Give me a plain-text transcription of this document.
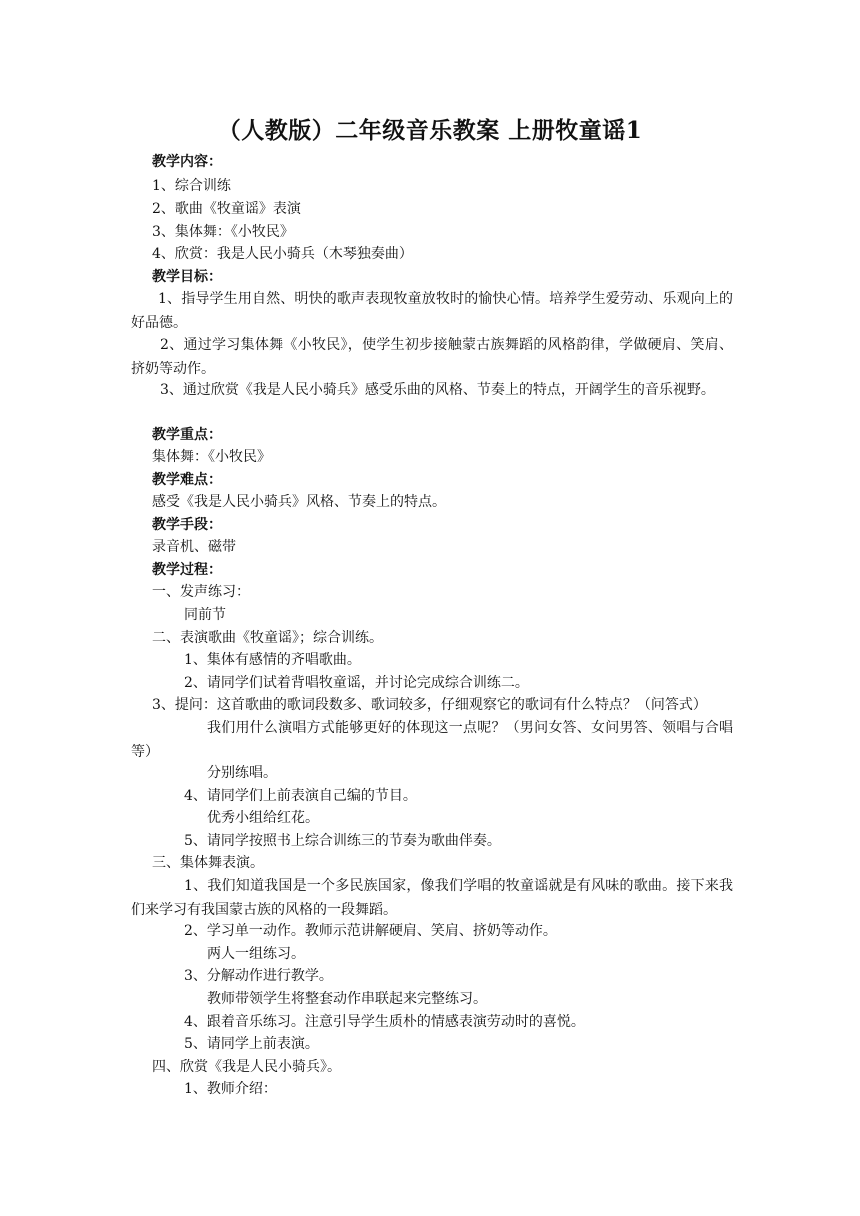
（人教版）二年级音乐教案 上册牧童谣1
教学内容：
1、综合训练
2、歌曲《牧童谣》表演
3、集体舞：《小牧民》
4、欣赏：我是人民小骑兵（木琴独奏曲）
教学目标：
1、指导学生用自然、明快的歌声表现牧童放牧时的愉快心情。培养学生爱劳动、乐观向上的好品德。
2、通过学习集体舞《小牧民》，使学生初步接触蒙古族舞蹈的风格韵律，学做硬肩、笑肩、挤奶等动作。
3、通过欣赏《我是人民小骑兵》感受乐曲的风格、节奏上的特点，开阔学生的音乐视野。
教学重点：
集体舞：《小牧民》
教学难点：
感受《我是人民小骑兵》风格、节奏上的特点。
教学手段：
录音机、磁带
教学过程：
一、发声练习：
同前节
二、表演歌曲《牧童谣》；综合训练。
1、集体有感情的齐唱歌曲。
2、请同学们试着背唱牧童谣，并讨论完成综合训练二。
3、提问：这首歌曲的歌词段数多、歌词较多，仔细观察它的歌词有什么特点？（问答式）
我们用什么演唱方式能够更好的体现这一点呢？（男问女答、女问男答、领唱与合唱等）
分别练唱。
4、请同学们上前表演自己编的节目。
优秀小组给红花。
5、请同学按照书上综合训练三的节奏为歌曲伴奏。
三、集体舞表演。
1、我们知道我国是一个多民族国家，像我们学唱的牧童谣就是有风味的歌曲。接下来我们来学习有我国蒙古族的风格的一段舞蹈。
2、学习单一动作。教师示范讲解硬肩、笑肩、挤奶等动作。
两人一组练习。
3、分解动作进行教学。
教师带领学生将整套动作串联起来完整练习。
4、跟着音乐练习。注意引导学生质朴的情感表演劳动时的喜悦。
5、请同学上前表演。
四、欣赏《我是人民小骑兵》。
1、教师介绍：
